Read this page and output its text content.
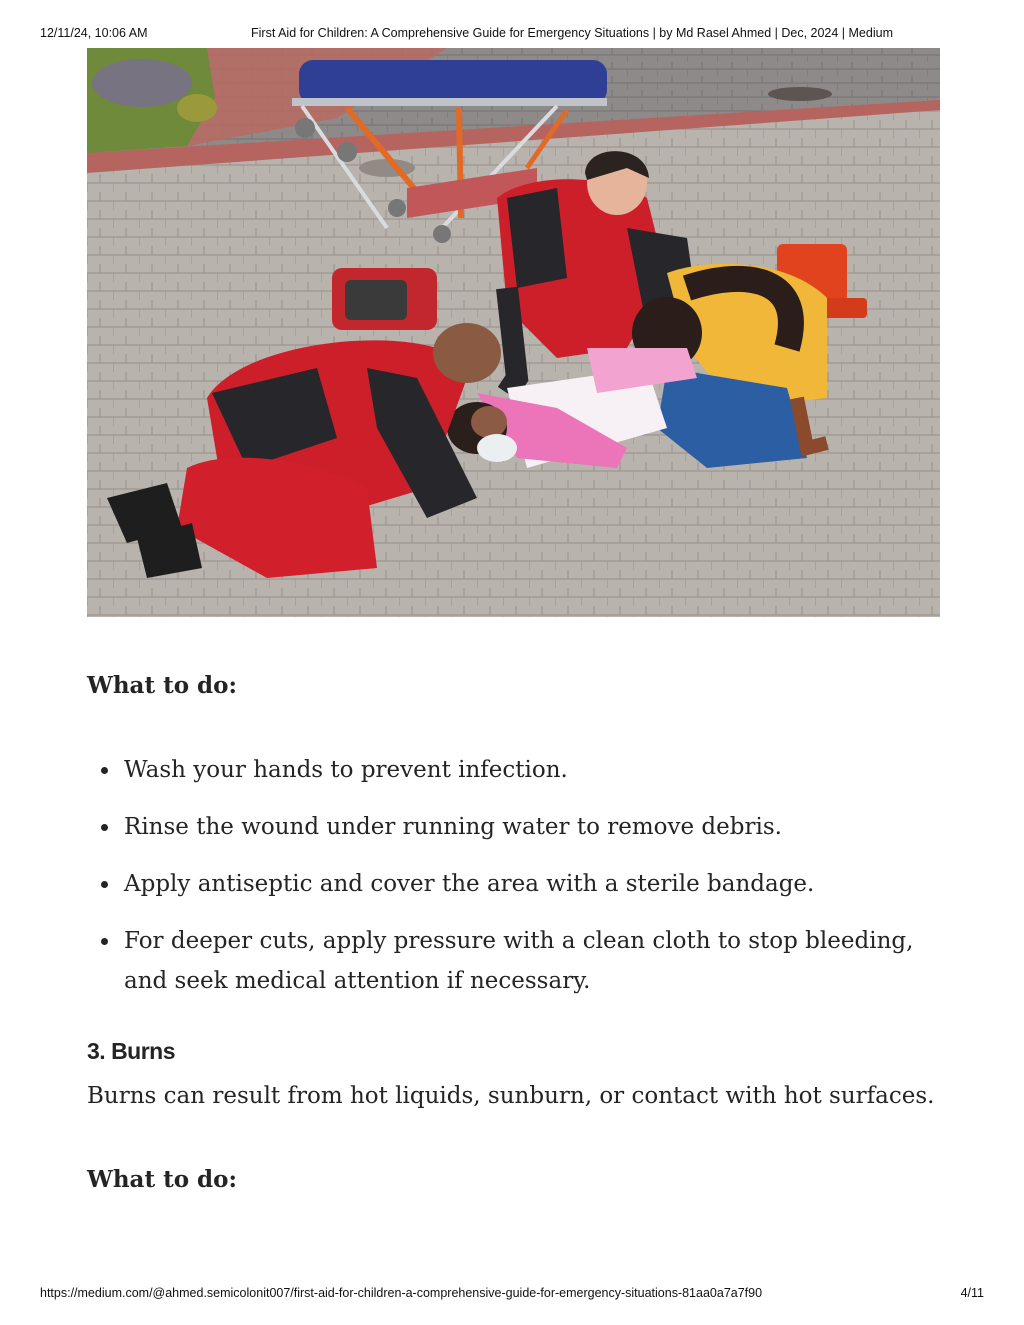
12/11/24, 10:06 AM	First Aid for Children: A Comprehensive Guide for Emergency Situations | by Md Rasel Ahmed | Dec, 2024 | Medium
What to do:
Wash your hands to prevent infection.
Rinse the wound under running water to remove debris.
Apply antiseptic and cover the area with a sterile bandage.
For deeper cuts, apply pressure with a clean cloth to stop bleeding, and seek medical attention if necessary.
3. Burns
Burns can result from hot liquids, sunburn, or contact with hot surfaces.
What to do:
https://medium.com/@ahmed.semicolonit007/first-aid-for-children-a-comprehensive-guide-for-emergency-situations-81aa0a7a7f90	4/11
